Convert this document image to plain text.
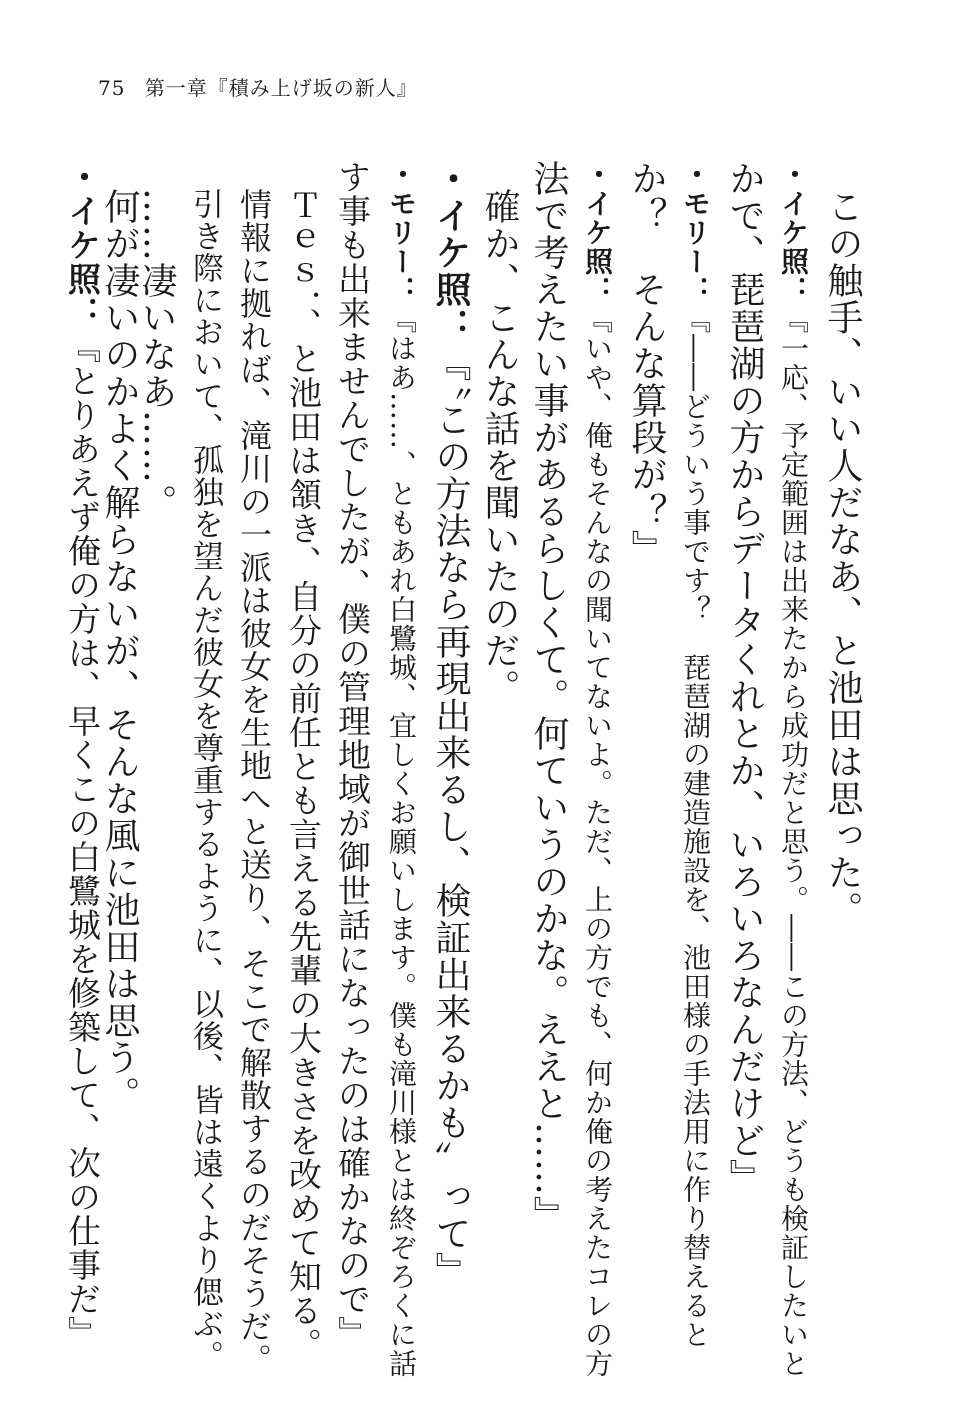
75 第一章『積み上げ坂の新人』
この触手、いい人だなあ、と池田は思った。
・イケ照：『一応、予定範囲は出来たから成功だと思う。――この方法、どうも検証したいと
かで、琵琶湖の方からデータくれとか、いろいろなんだけど』
・モリー：『――どういう事です？　琵琶湖の建造施設を、池田様の手法用に作り替えると
か？　そんな算段が？』
・イケ照：『いや、俺もそんなの聞いてないよ。ただ、上の方でも、何か俺の考えたコレの方
法で考えたい事があるらしくて。何ていうのかな。ええと……』
確か、こんな話を聞いたのだ。
・イケ照：『〝この方法なら再現出来るし、検証出来るかも〟って』
・モリー：『はあ……、ともあれ白鷺城、宜しくお願いします。僕も滝川様とは終ぞろくに話
す事も出来ませんでしたが、僕の管理地域が御世話になったのは確かなので』
Ｔｅｓ．、と池田は頷き、自分の前任とも言える先輩の大きさを改めて知る。
情報に拠れば、滝川の一派は彼女を生地へと送り、そこで解散するのだそうだ。
引き際において、孤独を望んだ彼女を尊重するように、以後、皆は遠くより偲ぶ。
……凄いなあ……。
何が凄いのかよく解らないが、そんな風に池田は思う。
・イケ照：『とりあえず俺の方は、早くこの白鷺城を修築して、次の仕事だ』
